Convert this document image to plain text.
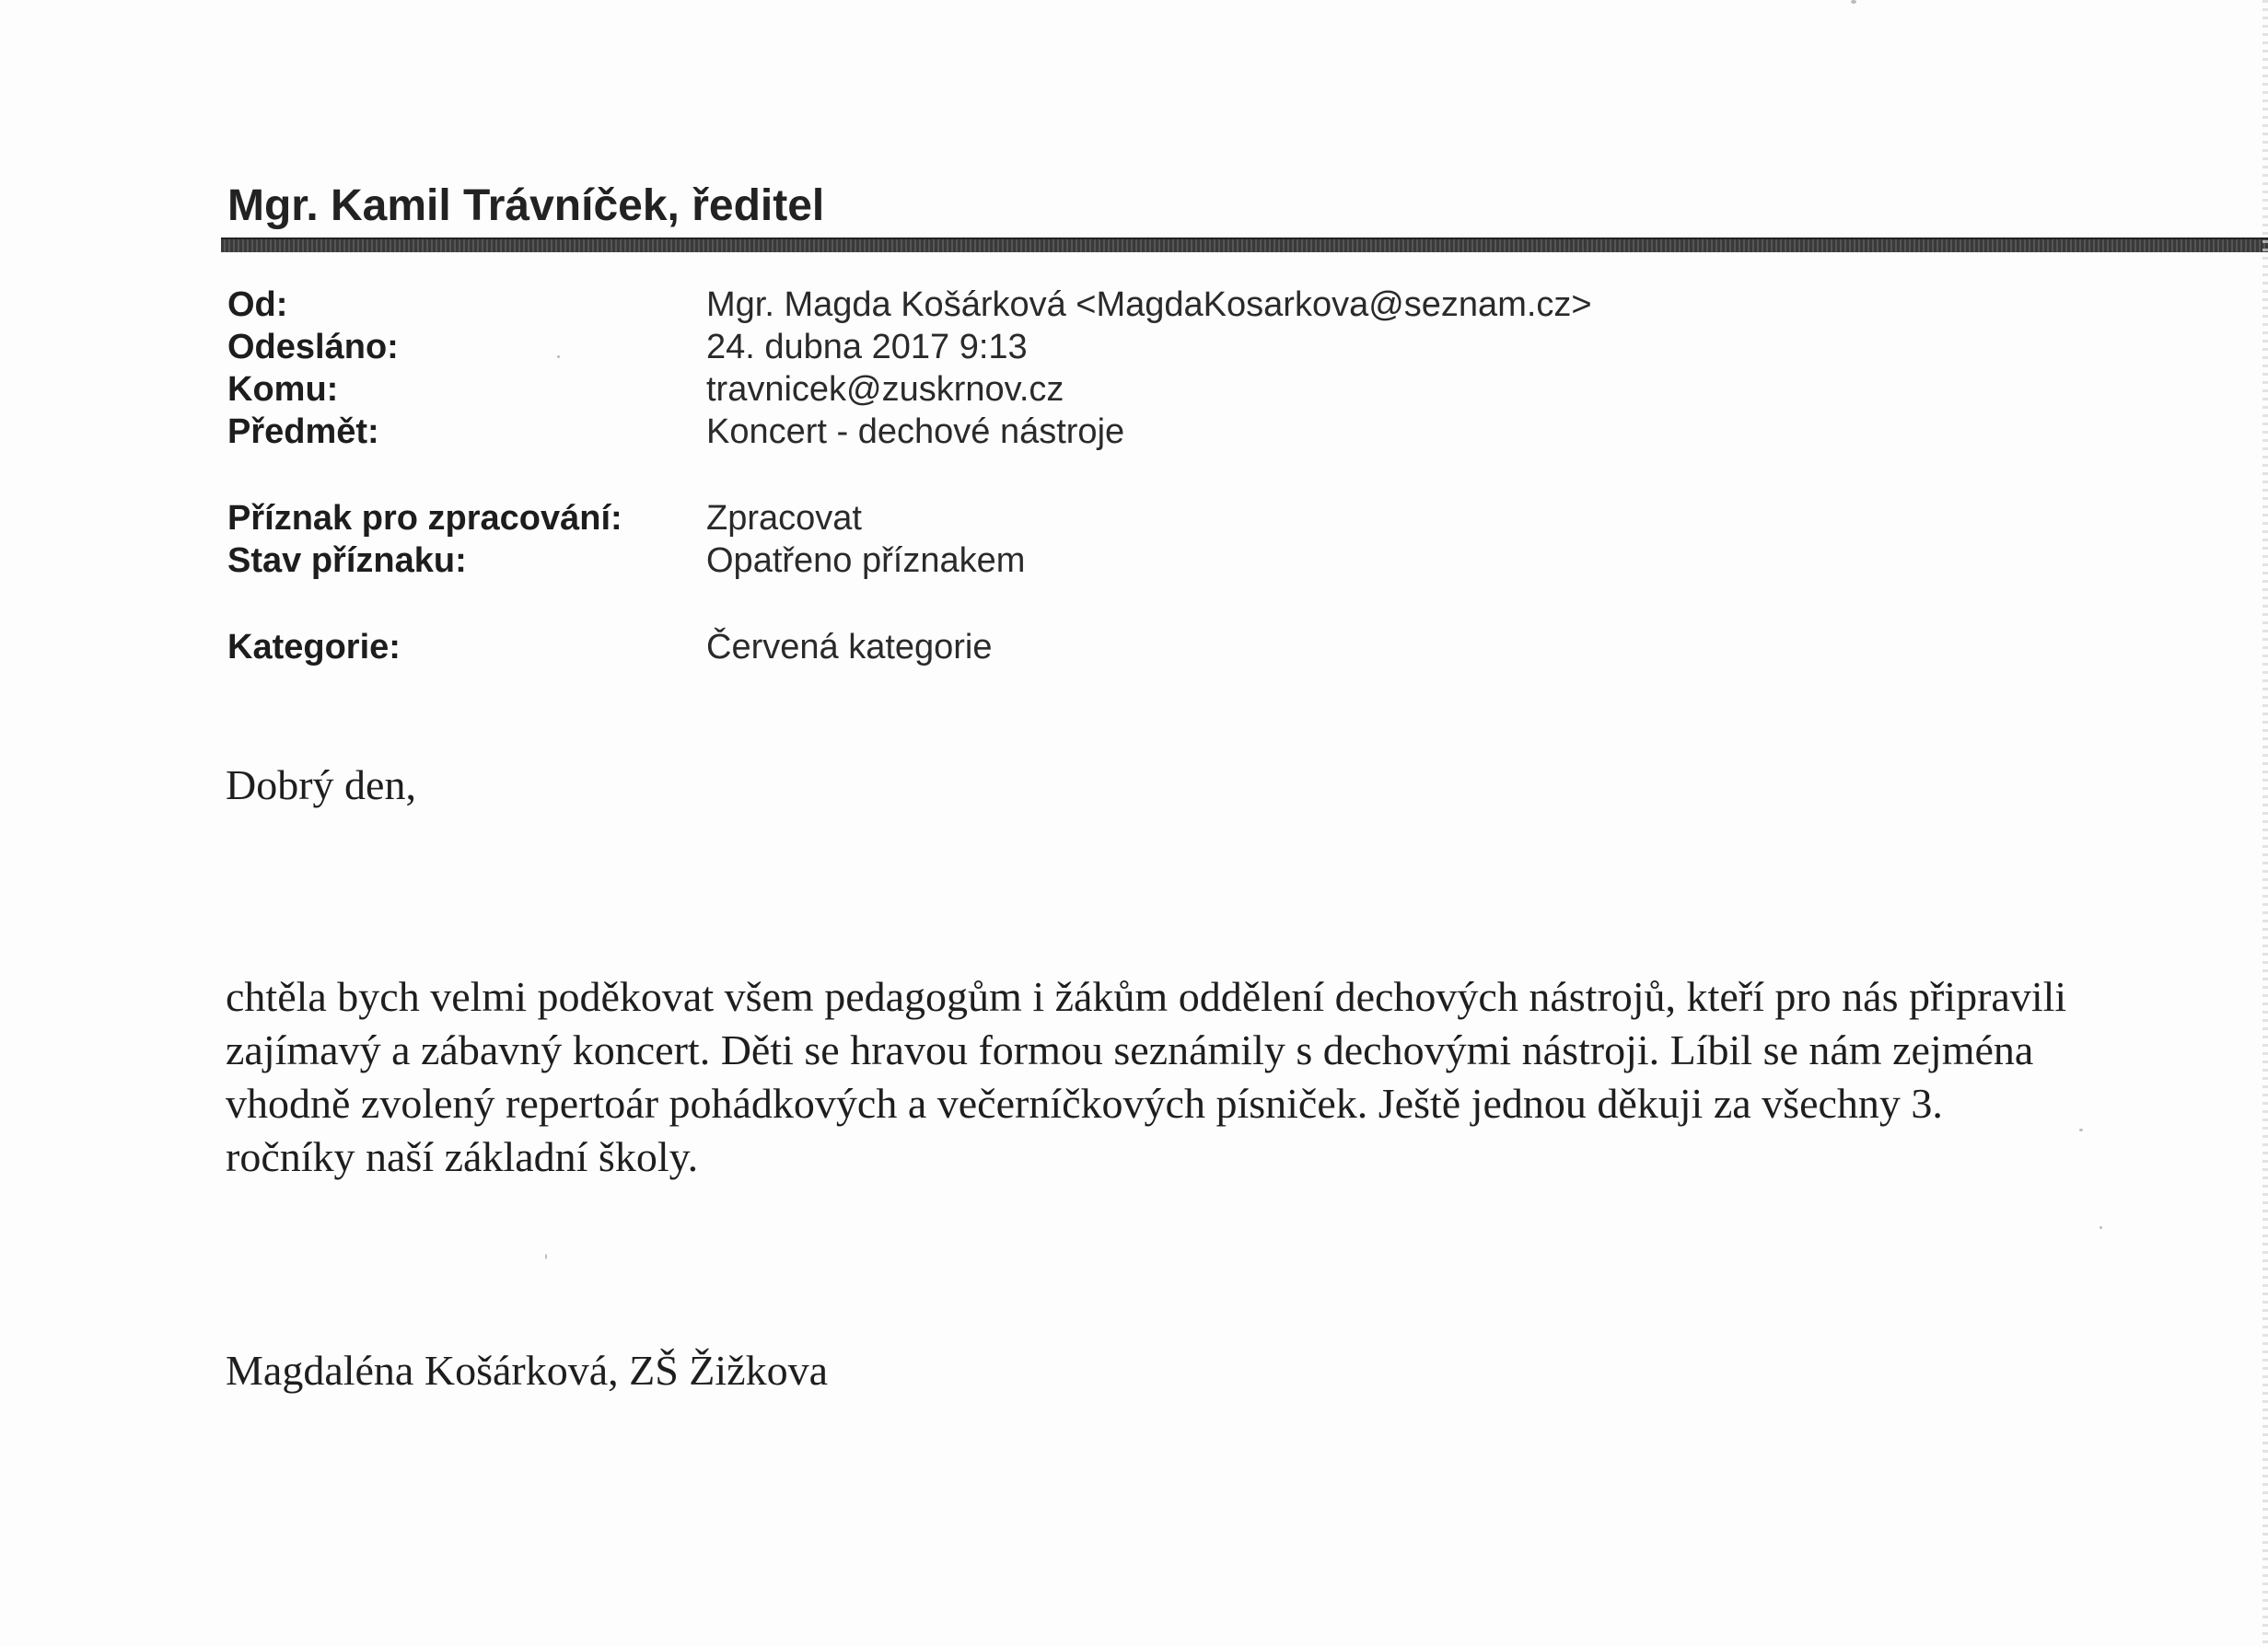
Mgr. Kamil Trávníček, ředitel
Od:	Mgr. Magda Košárková <MagdaKosarkova@seznam.cz>
Odesláno:	24. dubna 2017 9:13
Komu:	travnicek@zuskrnov.cz
Předmět:	Koncert - dechové nástroje
Příznak pro zpracování: Zpracovat
Stav příznaku:	Opatřeno příznakem
Kategorie:	Červená kategorie
Dobrý den,
chtěla bych velmi poděkovat všem pedagogům i žákům oddělení dechových nástrojů, kteří pro nás připravili
zajímavý a zábavný koncert. Děti se hravou formou seznámily s dechovými nástroji. Líbil se nám zejména
vhodně zvolený repertoár pohádkových a večerníčkových písniček. Ještě jednou děkuji za všechny 3.
ročníky naší základní školy.
Magdaléna Košárková, ZŠ Žižkova
